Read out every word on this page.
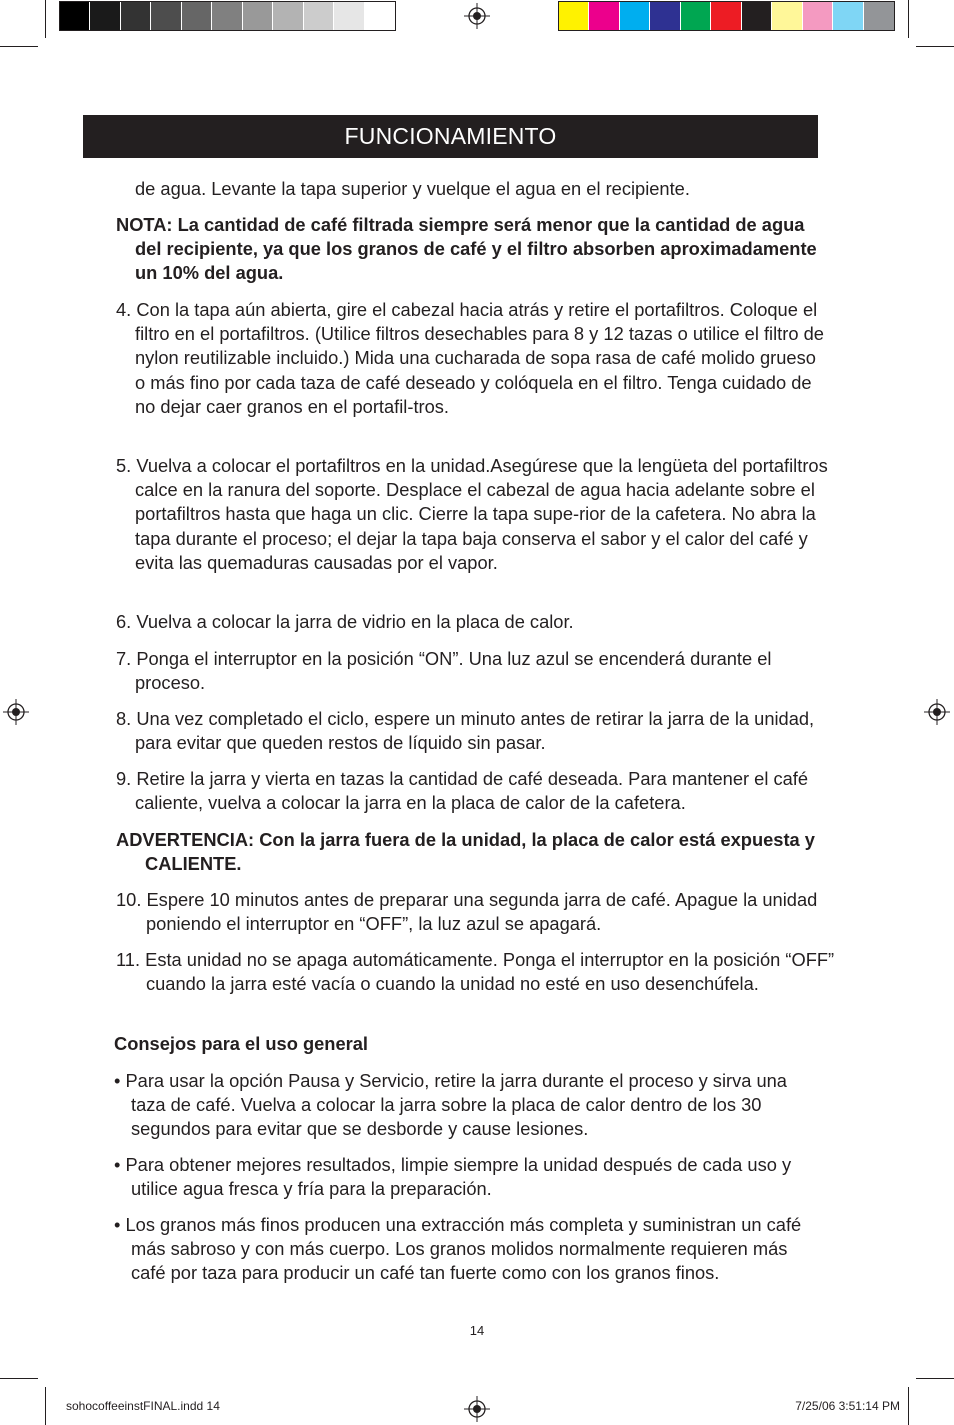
FUNCIONAMIENTO

de agua. Levante la tapa superior y vuelque el agua en el recipiente.

NOTA: La cantidad de café filtrada siempre será menor que la cantidad de agua del recipiente, ya que los granos de café y el filtro absorben aproximadamente un 10% del agua.

4. Con la tapa aún abierta, gire el cabezal hacia atrás y retire el portafiltros. Coloque el filtro en el portafiltros. (Utilice filtros desechables para 8 y 12 tazas o utilice el filtro de nylon reutilizable incluido.) Mida una cucharada de sopa rasa de café molido grueso o más fino por cada taza de café deseado y colóquela en el filtro. Tenga cuidado de no dejar caer granos en el portafil-tros.

5. Vuelva a colocar el portafiltros en la unidad.Asegúrese que la lengüeta del portafiltros calce en la ranura del soporte. Desplace el cabezal de agua hacia adelante sobre el portafiltros hasta que haga un clic. Cierre la tapa supe-rior de la cafetera. No abra la tapa durante el proceso; el dejar la tapa baja conserva el sabor y el calor del café y evita las quemaduras causadas por el vapor.

6. Vuelva a colocar la jarra de vidrio en la placa de calor.

7. Ponga el interruptor en la posición “ON”. Una luz azul se encenderá durante el proceso.

8. Una vez completado el ciclo, espere un minuto antes de retirar la jarra de la unidad, para evitar que queden restos de líquido sin pasar.

9. Retire la jarra y vierta en tazas la cantidad de café deseada. Para mantener el café caliente, vuelva a colocar la jarra en la placa de calor de la cafetera.

ADVERTENCIA: Con la jarra fuera de la unidad, la placa de calor está expuesta y CALIENTE.

10. Espere 10 minutos antes de preparar una segunda jarra de café. Apague la unidad poniendo el interruptor en “OFF”, la luz azul se apagará.

11. Esta unidad no se apaga automáticamente. Ponga el interruptor en la posición “OFF” cuando la jarra esté vacía o cuando la unidad no esté en uso desenchúfela.

Consejos para el uso general

• Para usar la opción Pausa y Servicio, retire la jarra durante el proceso y sirva una taza de café. Vuelva a colocar la jarra sobre la placa de calor dentro de los 30 segundos para evitar que se desborde y cause lesiones.

• Para obtener mejores resultados, limpie siempre la unidad después de cada uso y utilice agua fresca y fría para la preparación.

• Los granos más finos producen una extracción más completa y suministran un café más sabroso y con más cuerpo. Los granos molidos normalmente requieren más café por taza para producir un café tan fuerte como con los granos finos.

14
sohocoffeeinstFINAL.indd 14	7/25/06 3:51:14 PM
